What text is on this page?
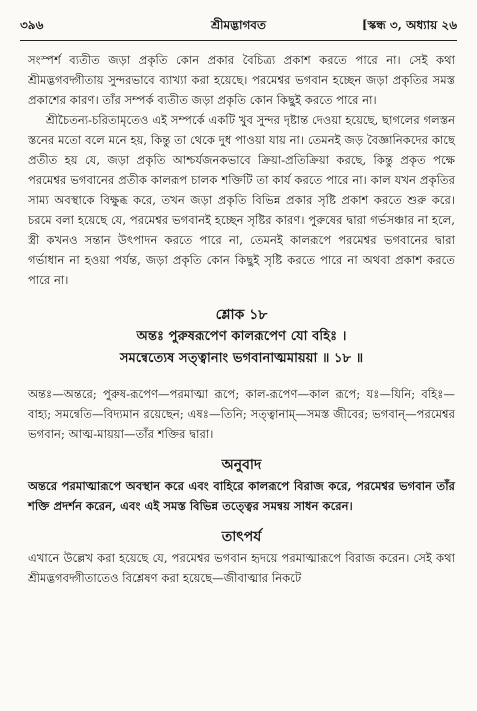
৩৯৬	শ্রীমদ্ভাগবত	[স্কন্ধ ৩, অধ্যায় ২৬

সংস্পর্শ ব্যতীত জড়া প্রকৃতি কোন প্রকার বৈচিত্র্য প্রকাশ করতে পারে না। সেই কথা শ্রীমদ্ভগবদ্গীতায় সুন্দরভাবে ব্যাখ্যা করা হয়েছে। পরমেশ্বর ভগবান হচ্ছেন জড়া প্রকৃতির সমস্ত প্রকাশের কারণ। তাঁর সম্পর্ক ব্যতীত জড়া প্রকৃতি কোন কিছুই করতে পারে না।

শ্রীচৈতন্য-চরিতামৃতেও এই সম্পর্কে একটি খুব সুন্দর দৃষ্টান্ত দেওয়া হয়েছে, ছাগলের গলস্তন স্তনের মতো বলে মনে হয়, কিন্তু তা থেকে দুধ পাওয়া যায় না। তেমনই জড় বৈজ্ঞানিকদের কাছে প্রতীত হয় যে, জড়া প্রকৃতি আশ্চর্যজনকভাবে ক্রিয়া-প্রতিক্রিয়া করছে, কিন্তু প্রকৃত পক্ষে পরমেশ্বর ভগবানের প্রতীক কালরূপ চালক শক্তিটি তা কার্য করতে পারে না। কাল যখন প্রকৃতির সাম্য অবস্থাকে বিক্ষুব্ধ করে, তখন জড়া প্রকৃতি বিভিন্ন প্রকার সৃষ্টি প্রকাশ করতে শুরু করে। চরমে বলা হয়েছে যে, পরমেশ্বর ভগবানই হচ্ছেন সৃষ্টির কারণ। পুরুষের দ্বারা গর্ভসঞ্চার না হলে, স্ত্রী কখনও সন্তান উৎপাদন করতে পারে না, তেমনই কালরূপে পরমেশ্বর ভগবানের দ্বারা গর্ভাধান না হওয়া পর্যন্ত, জড়া প্রকৃতি কোন কিছুই সৃষ্টি করতে পারে না অথবা প্রকাশ করতে পারে না।

শ্লোক ১৮
অন্তঃ পুরুষরূপেণ কালরূপেণ যো বহিঃ ।
সমন্বেত্যেষ সত্ত্বানাং ভগবানাত্মমায়য়া ॥ ১৮ ॥

অন্তঃ—অন্তরে; পুরুষ-রূপেণ—পরমাত্মা রূপে; কাল-রূপেণ—কাল রূপে; যঃ—যিনি; বহিঃ—বাহ্য; সমন্বেতি—বিদ্যমান রয়েছেন; এষঃ—তিনি; সত্ত্বানাম্—সমস্ত জীবের; ভগবান্—পরমেশ্বর ভগবান; আত্ম-মায়য়া—তাঁর শক্তির দ্বারা।

অনুবাদ

অন্তরে পরমাত্মারূপে অবস্থান করে এবং বাহিরে কালরূপে বিরাজ করে, পরমেশ্বর ভগবান তাঁর শক্তি প্রদর্শন করেন, এবং এই সমস্ত বিভিন্ন তত্ত্বের সমন্বয় সাধন করেন।

তাৎপর্য

এখানে উল্লেখ করা হয়েছে যে, পরমেশ্বর ভগবান হৃদয়ে পরমাত্মারূপে বিরাজ করেন। সেই কথা শ্রীমদ্ভগবদ্গীতাতেও বিশ্লেষণ করা হয়েছে—জীবাত্মার নিকটে
